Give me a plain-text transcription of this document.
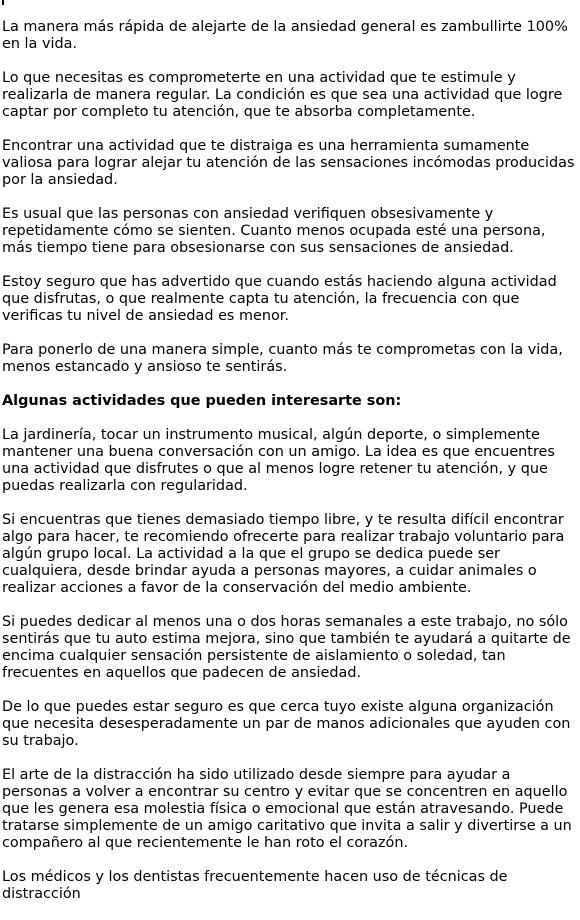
La manera más rápida de alejarte de la ansiedad general es zambullirte 100% en la vida.

Lo que necesitas es comprometerte en una actividad que te estimule y realizarla de manera regular. La condición es que sea una actividad que logre captar por completo tu atención, que te absorba completamente.

Encontrar una actividad que te distraiga es una herramienta sumamente valiosa para lograr alejar tu atención de las sensaciones incómodas producidas por la ansiedad.

Es usual que las personas con ansiedad verifiquen obsesivamente y repetidamente cómo se sienten. Cuanto menos ocupada esté una persona, más tiempo tiene para obsesionarse con sus sensaciones de ansiedad.

Estoy seguro que has advertido que cuando estás haciendo alguna actividad que disfrutas, o que realmente capta tu atención, la frecuencia con que verificas tu nivel de ansiedad es menor.

Para ponerlo de una manera simple, cuanto más te comprometas con la vida, menos estancado y ansioso te sentirás.

Algunas actividades que pueden interesarte son:

La jardinería, tocar un instrumento musical, algún deporte, o simplemente mantener una buena conversación con un amigo. La idea es que encuentres una actividad que disfrutes o que al menos logre retener tu atención, y que puedas realizarla con regularidad.

Si encuentras que tienes demasiado tiempo libre, y te resulta difícil encontrar algo para hacer, te recomiendo ofrecerte para realizar trabajo voluntario para algún grupo local. La actividad a la que el grupo se dedica puede ser cualquiera, desde brindar ayuda a personas mayores, a cuidar animales o realizar acciones a favor de la conservación del medio ambiente.

Si puedes dedicar al menos una o dos horas semanales a este trabajo, no sólo sentirás que tu auto estima mejora, sino que también te ayudará a quitarte de encima cualquier sensación persistente de aislamiento o soledad, tan frecuentes en aquellos que padecen de ansiedad.

De lo que puedes estar seguro es que cerca tuyo existe alguna organización que necesita desesperadamente un par de manos adicionales que ayuden con su trabajo.

El arte de la distracción ha sido utilizado desde siempre para ayudar a personas a volver a encontrar su centro y evitar que se concentren en aquello que les genera esa molestia física o emocional que están atravesando. Puede tratarse simplemente de un amigo caritativo que invita a salir y divertirse a un compañero al que recientemente le han roto el corazón.

Los médicos y los dentistas frecuentemente hacen uso de técnicas de distracción
